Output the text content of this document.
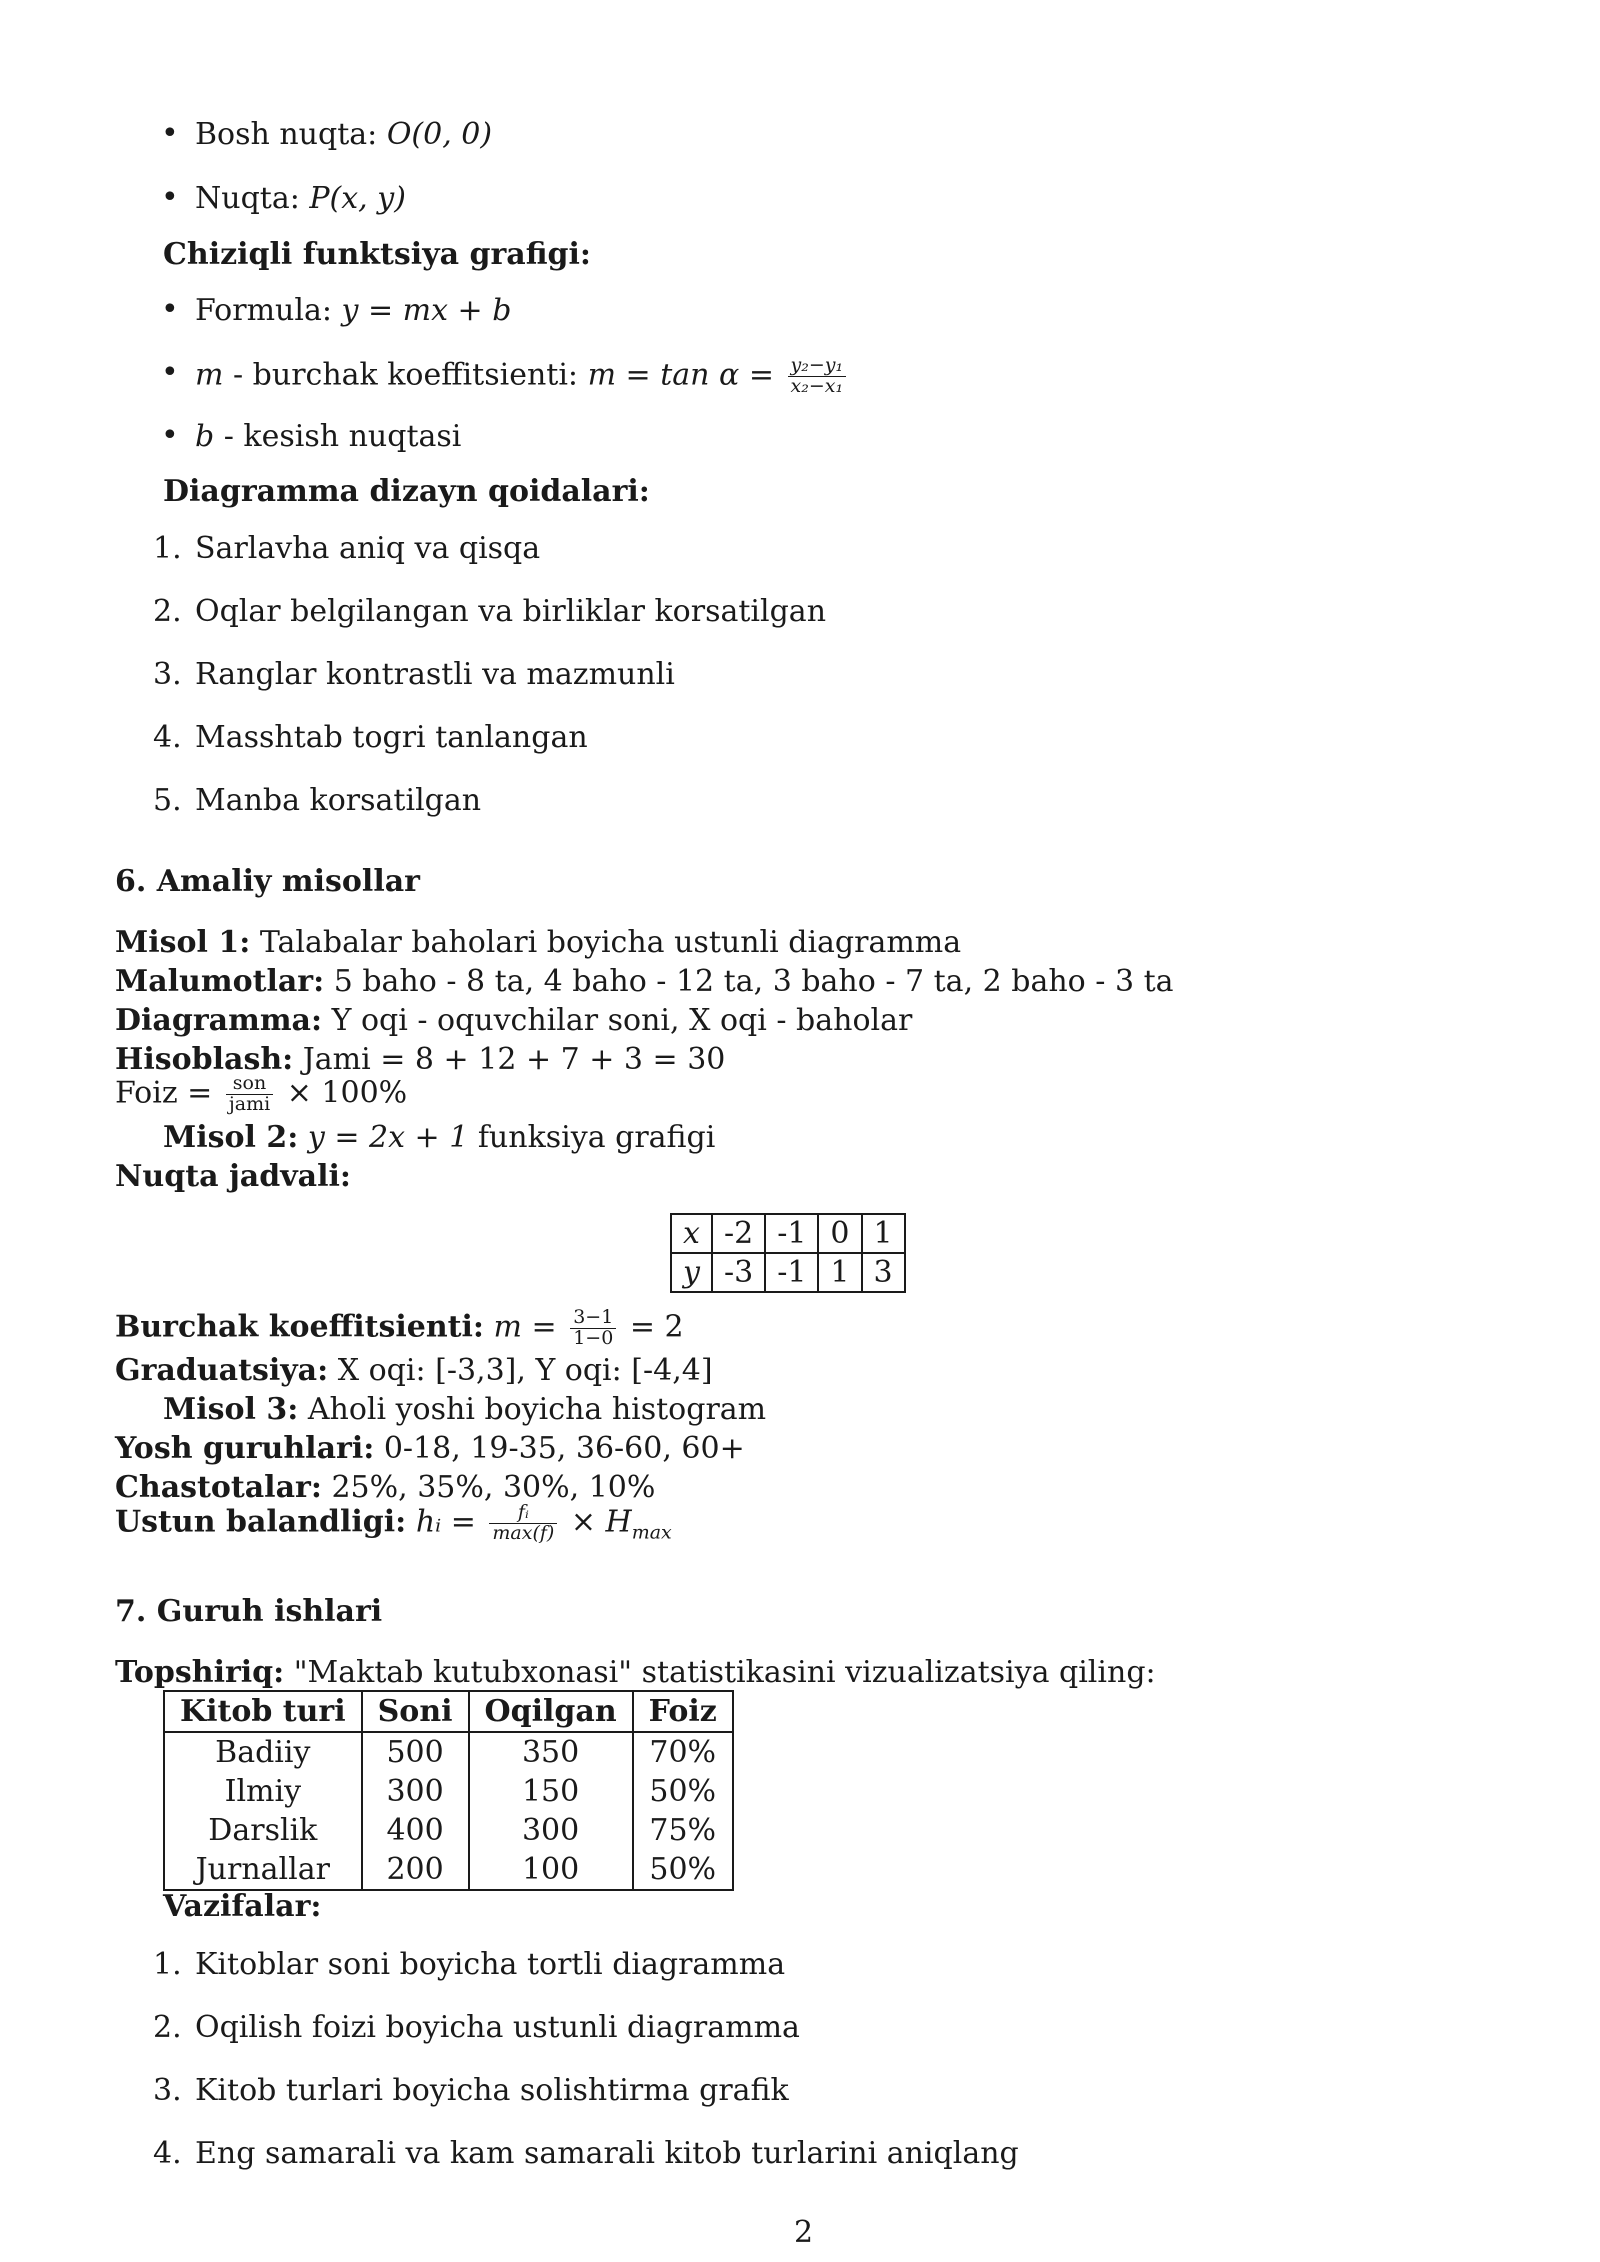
• Bosh nuqta: O(0, 0)
• Nuqta: P(x, y)
Chiziqli funktsiya grafigi:
• Formula: y = mx + b
• m - burchak koeffitsienti: $m = \tan \alpha = \frac{\text{y₂−y₁}}{\text{x₂−x₁}}$
• b - kesish nuqtasi
Diagramma dizayn qoidalari:
1. Sarlavha aniq va qisqa
2. Oqlar belgilangan va birliklar korsatilgan
3. Ranglar kontrastli va mazmunli
4. Masshtab togri tanlangan
5. Manba korsatilgan
6. Amaliy misollar
Misol 1: Talabalar baholari boyicha ustunli diagramma
Malumotlar: 5 baho - 8 ta, 4 baho - 12 ta, 3 baho - 7 ta, 2 baho - 3 ta
Diagramma: Y oqi - oquvchilar soni, X oqi - baholar
Hisoblash: Jami = 8 + 12 + 7 + 3 = 30
Foiz = $\frac{\text{son}}{\text{jami}} \times 100\%$
Misol 2: y = 2x + 1 funksiya grafigi
Nuqta jadvali:
x	-2	-1	0	1
y	-3	-1	1	3
Burchak koeffitsienti: $m = \frac{3-1}{1-0} = 2$
Graduatsiya: X oqi: [-3,3], Y oqi: [-4,4]
Misol 3: Aholi yoshi boyicha histogram
Yosh guruhlari: 0-18, 19-35, 36-60, 60+
Chastotalar: 25%, 35%, 30%, 10%
Ustun balandligi: hᵢ = $\frac{\text{fᵢ}}{\max(f)} \times H_{max}$
7. Guruh ishlari
Topshiriq: "Maktab kutubxonasi" statistikasini vizualizatsiya qiling:
Kitob turi	Soni	Oqilgan	Foiz
Badiiy	500	350	70%
Ilmiy	300	150	50%
Darslik	400	300	75%
Jurnallar	200	100	50%
Vazifalar:
1. Kitoblar soni boyicha tortli diagramma
2. Oqilish foizi boyicha ustunli diagramma
3. Kitob turlari boyicha solishtirma grafik
4. Eng samarali va kam samarali kitob turlarini aniqlang
2
